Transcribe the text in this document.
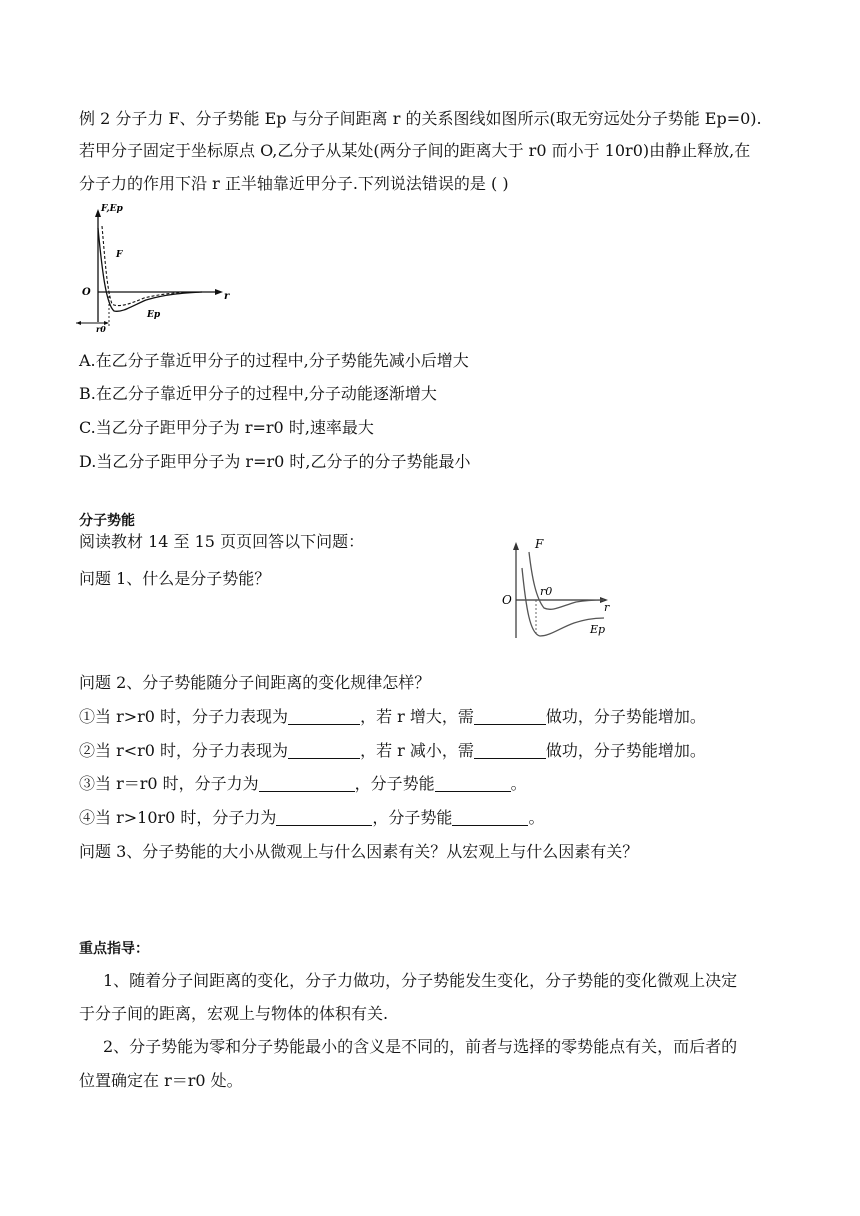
例 2 分子力 F、分子势能 Ep 与分子间距离 r 的关系图线如图所示(取无穷远处分子势能 Ep=0).
若甲分子固定于坐标原点 O,乙分子从某处(两分子间的距离大于 r0 而小于 10r0)由静止释放,在
分子力的作用下沿 r 正半轴靠近甲分子.下列说法错误的是 ( )
F,Ep
F
O	r
Ep
r0
A.在乙分子靠近甲分子的过程中,分子势能先减小后增大
B.在乙分子靠近甲分子的过程中,分子动能逐渐增大
C.当乙分子距甲分子为 r=r0 时,速率最大
D.当乙分子距甲分子为 r=r0 时,乙分子的分子势能最小
分子势能
阅读教材 14 至 15 页页回答以下问题：
问题 1、什么是分子势能？
F
O
r0
r
Ep
问题 2、分子势能随分子间距离的变化规律怎样？
①当 r>r0 时，分子力表现为	，若 r 增大，需	做功，分子势能增加。
②当 r<r0 时，分子力表现为	，若 r 减小，需	做功，分子势能增加。
③当 r＝r0 时，分子力为	，分子势能	。
④当 r>10r0 时，分子力为	，分子势能	。
问题 3、分子势能的大小从微观上与什么因素有关？从宏观上与什么因素有关？
重点指导：
1、随着分子间距离的变化，分子力做功，分子势能发生变化，分子势能的变化微观上决定
于分子间的距离，宏观上与物体的体积有关.
2、分子势能为零和分子势能最小的含义是不同的，前者与选择的零势能点有关，而后者的
位置确定在 r＝r0 处。
